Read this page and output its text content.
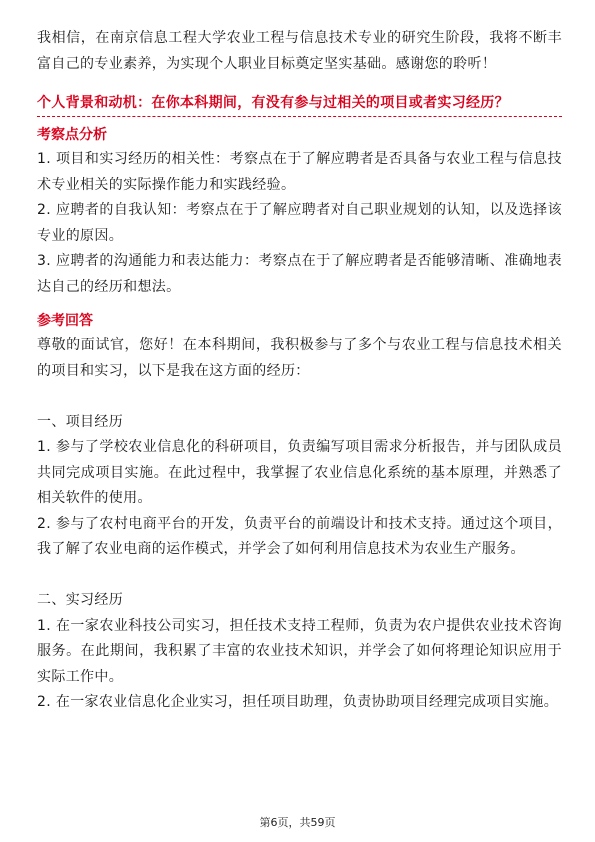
我相信，在南京信息工程大学农业工程与信息技术专业的研究生阶段，我将不断丰富自己的专业素养，为实现个人职业目标奠定坚实基础。感谢您的聆听！

个人背景和动机：在你本科期间，有没有参与过相关的项目或者实习经历？
考察点分析

1. 项目和实习经历的相关性：考察点在于了解应聘者是否具备与农业工程与信息技术专业相关的实际操作能力和实践经验。

2. 应聘者的自我认知：考察点在于了解应聘者对自己职业规划的认知，以及选择该专业的原因。

3. 应聘者的沟通能力和表达能力：考察点在于了解应聘者是否能够清晰、准确地表达自己的经历和想法。

参考回答

尊敬的面试官，您好！在本科期间，我积极参与了多个与农业工程与信息技术相关的项目和实习，以下是我在这方面的经历：

一、项目经历

1. 参与了学校农业信息化的科研项目，负责编写项目需求分析报告，并与团队成员共同完成项目实施。在此过程中，我掌握了农业信息化系统的基本原理，并熟悉了相关软件的使用。

2. 参与了农村电商平台的开发，负责平台的前端设计和技术支持。通过这个项目，我了解了农业电商的运作模式，并学会了如何利用信息技术为农业生产服务。

二、实习经历

1. 在一家农业科技公司实习，担任技术支持工程师，负责为农户提供农业技术咨询服务。在此期间，我积累了丰富的农业技术知识，并学会了如何将理论知识应用于实际工作中。

2. 在一家农业信息化企业实习，担任项目助理，负责协助项目经理完成项目实施。

第6页，共59页
